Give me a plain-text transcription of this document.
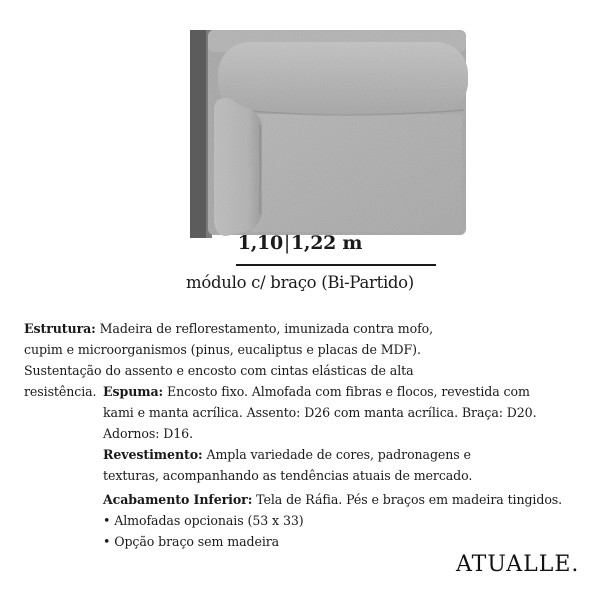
1,10|1,22 m
módulo c/ braço (Bi-Partido)
Estrutura: Madeira de reflorestamento, imunizada contra mofo,
cupim e microorganismos (pinus, eucaliptus e placas de MDF).
Sustentação do assento e encosto com cintas elásticas de alta
resistência. Espuma: Encosto fixo. Almofada com fibras e flocos, revestida com
kami e manta acrílica. Assento: D26 com manta acrílica. Braça: D20.
Adornos: D16.
Revestimento: Ampla variedade de cores, padronagens e
texturas, acompanhando as tendências atuais de mercado.
Acabamento Inferior: Tela de Ráfia. Pés e braços em madeira tingidos.
• Almofadas opcionais (53 x 33)
• Opção braço sem madeira
ATUALLE.
